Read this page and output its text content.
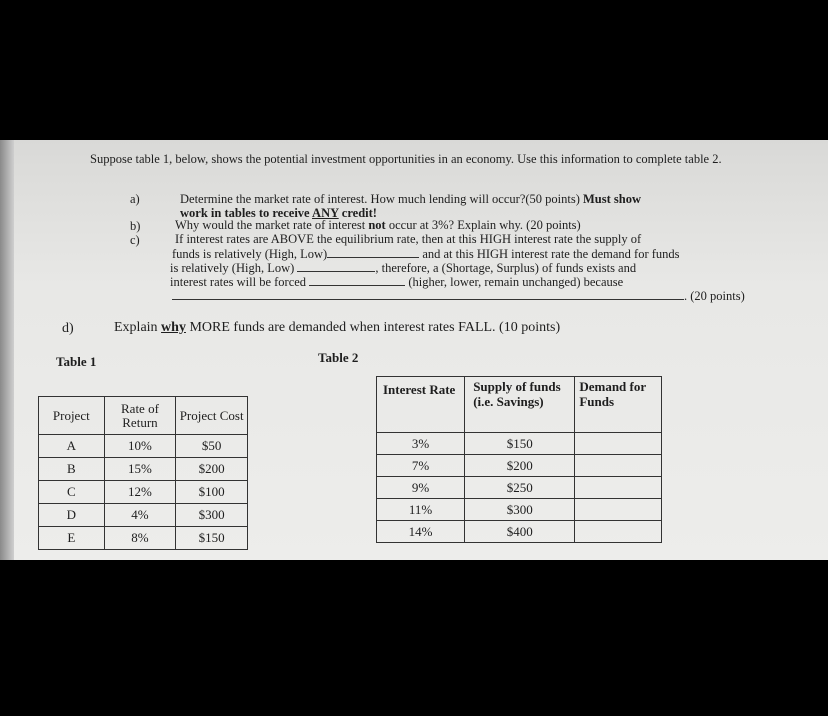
Suppose table 1, below, shows the potential investment opportunities in an economy. Use this information to complete table 2.
a)	Determine the market rate of interest. How much lending will occur?(50 points) Must show
work in tables to receive ANY credit!
b)	Why would the market rate of interest not occur at 3%? Explain why. (20 points)
c)	If interest rates are ABOVE the equilibrium rate, then at this HIGH interest rate the supply of
funds is relatively (High, Low)	and at this HIGH interest rate the demand for funds
is relatively (High, Low)	, therefore, a (Shortage, Surplus) of funds exists and
interest rates will be forced	(higher, lower, remain unchanged) because
. (20 points)
d)	Explain why MORE funds are demanded when interest rates FALL. (10 points)
Table 1	Table 2
Project	Rate of Return	Project Cost
A	10%	$50
B	15%	$200
C	12%	$100
D	4%	$300
E	8%	$150
Interest Rate	Supply of funds (i.e. Savings)	Demand for Funds
3%	$150	
7%	$200	
9%	$250	
11%	$300	
14%	$400	
